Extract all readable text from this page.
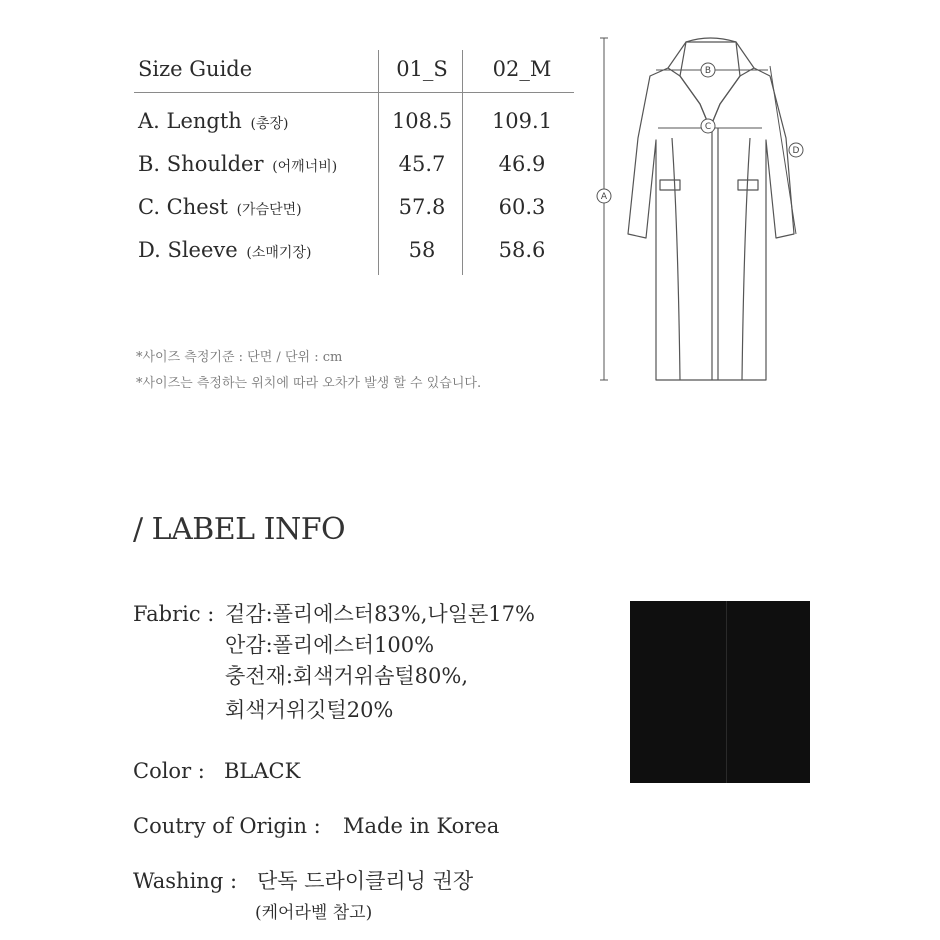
Size Guide	01_S	02_M
A. Length (총장)	108.5	109.1
B. Shoulder (어깨너비)	45.7	46.9
C. Chest (가슴단면)	57.8	60.3
D. Sleeve (소매기장)	58	58.6
*사이즈 측정기준 : 단면 / 단위 : cm
*사이즈는 측정하는 위치에 따라 오차가 발생 할 수 있습니다.
A
B
C
D
/ LABEL INFO
Fabric : 겉감:폴리에스터83%,나일론17%
안감:폴리에스터100%
충전재:회색거위솜털80%,
회색거위깃털20%
Color : BLACK
Coutry of Origin : Made in Korea
Washing : 단독 드라이클리닝 권장
(케어라벨 참고)
